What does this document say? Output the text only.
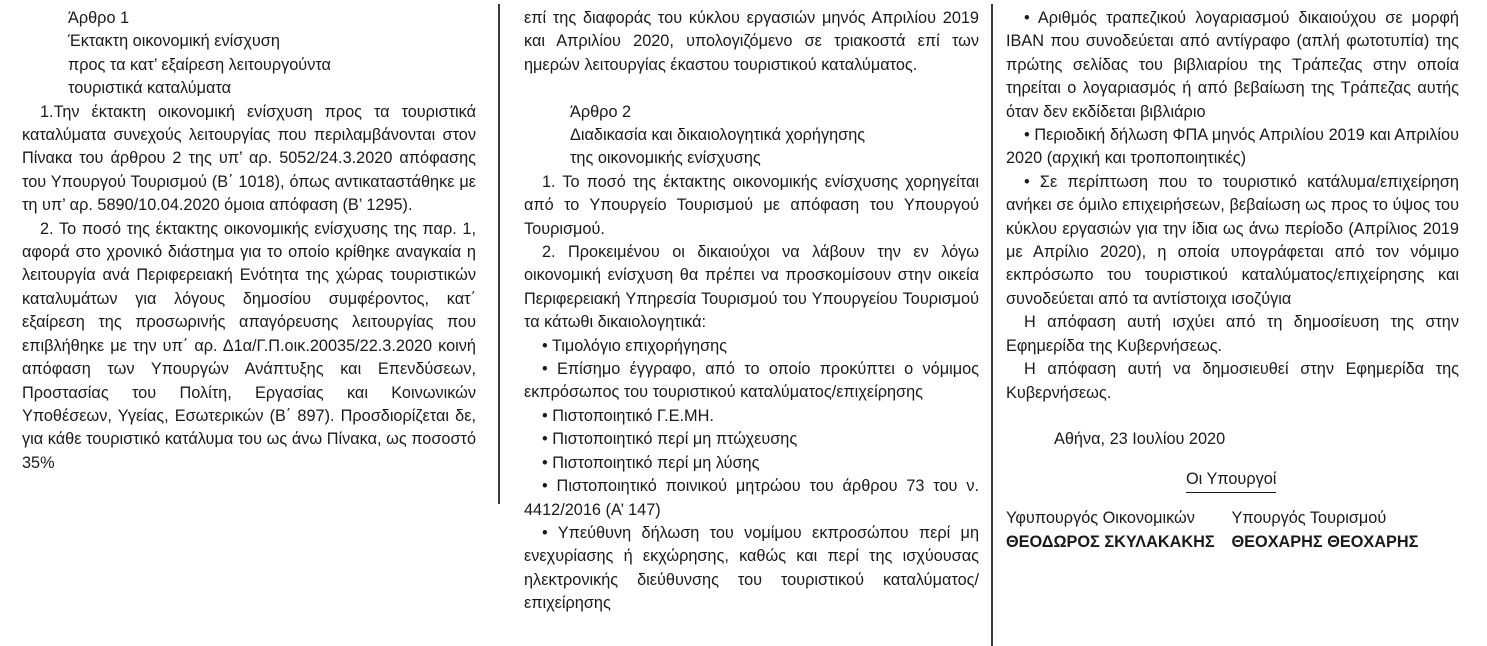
Άρθρο 1
Έκτακτη οικονομική ενίσχυση
προς τα κατ’ εξαίρεση λειτουργούντα
τουριστικά καταλύματα

1.Την έκτακτη οικονομική ενίσχυση προς τα τουριστικά καταλύματα συνεχούς λειτουργίας που περιλαμβάνονται στον Πίνακα του άρθρου 2 της υπ’ αρ. 5052/24.3.2020 απόφασης του Υπουργού Τουρισμού (Β΄ 1018), όπως αντικαταστάθηκε με τη υπ’ αρ. 5890/10.04.2020 όμοια απόφαση (Β’ 1295).

2. Το ποσό της έκτακτης οικονομικής ενίσχυσης της παρ. 1, αφορά στο χρονικό διάστημα για το οποίο κρίθηκε αναγκαία η λειτουργία ανά Περιφερειακή Ενότητα της χώρας τουριστικών καταλυμάτων για λόγους δημοσίου συμφέροντος, κατ΄ εξαίρεση της προσωρινής απαγόρευσης λειτουργίας που επιβλήθηκε με την υπ΄ αρ. Δ1α/Γ.Π.οικ.20035/22.3.2020 κοινή απόφαση των Υπουργών Ανάπτυξης και Επενδύσεων, Προστασίας του Πολίτη, Εργασίας και Κοινωνικών Υποθέσεων, Υγείας, Εσωτερικών (Β΄ 897). Προσδιορίζεται δε, για κάθε τουριστικό κατάλυμα του ως άνω Πίνακα, ως ποσοστό 35%

επί της διαφοράς του κύκλου εργασιών μηνός Απριλίου 2019 και Απριλίου 2020, υπολογιζόμενο σε τριακοστά επί των ημερών λειτουργίας έκαστου τουριστικού καταλύματος.

Άρθρο 2
Διαδικασία και δικαιολογητικά χορήγησης
της οικονομικής ενίσχυσης

1. Το ποσό της έκτακτης οικονομικής ενίσχυσης χορηγείται από το Υπουργείο Τουρισμού με απόφαση του Υπουργού Τουρισμού.

2. Προκειμένου οι δικαιούχοι να λάβουν την εν λόγω οικονομική ενίσχυση θα πρέπει να προσκομίσουν στην οικεία Περιφερειακή Υπηρεσία Τουρισμού του Υπουργείου Τουρισμού τα κάτωθι δικαιολογητικά:

• Τιμολόγιο επιχορήγησης

• Επίσημο έγγραφο, από το οποίο προκύπτει ο νόμιμος εκπρόσωπος του τουριστικού καταλύματος/επιχείρησης

• Πιστοποιητικό Γ.Ε.ΜΗ.

• Πιστοποιητικό περί μη πτώχευσης

• Πιστοποιητικό περί μη λύσης

• Πιστοποιητικό ποινικού μητρώου του άρθρου 73 του ν. 4412/2016 (Α’ 147)

• Υπεύθυνη δήλωση του νομίμου εκπροσώπου περί μη ενεχυρίασης ή εκχώρησης, καθώς και περί της ισχύουσας ηλεκτρονικής διεύθυνσης του τουριστικού καταλύματος/επιχείρησης

• Αριθμός τραπεζικού λογαριασμού δικαιούχου σε μορφή IBAN που συνοδεύεται από αντίγραφο (απλή φωτοτυπία) της πρώτης σελίδας του βιβλιαρίου της Τράπεζας στην οποία τηρείται ο λογαριασμός ή από βεβαίωση της Τράπεζας αυτής όταν δεν εκδίδεται βιβλιάριο

• Περιοδική δήλωση ΦΠΑ μηνός Απριλίου 2019 και Απριλίου 2020 (αρχική και τροποποιητικές)

• Σε περίπτωση που το τουριστικό κατάλυμα/επιχείρηση ανήκει σε όμιλο επιχειρήσεων, βεβαίωση ως προς το ύψος του κύκλου εργασιών για την ίδια ως άνω περίοδο (Απρίλιος 2019 με Απρίλιο 2020), η οποία υπογράφεται από τον νόμιμο εκπρόσωπο του τουριστικού καταλύματος/επιχείρησης και συνοδεύεται από τα αντίστοιχα ισοζύγια

Η απόφαση αυτή ισχύει από τη δημοσίευση της στην Εφημερίδα της Κυβερνήσεως.

Η απόφαση αυτή να δημοσιευθεί στην Εφημερίδα της Κυβερνήσεως.

Αθήνα, 23 Ιουλίου 2020
Οι Υπουργοί
Υφυπουργός Οικονομικών
ΘΕΟΔΩΡΟΣ ΣΚΥΛΑΚΑΚΗΣ
Υπουργός Τουρισμού
ΘΕΟΧΑΡΗΣ ΘΕΟΧΑΡΗΣ
